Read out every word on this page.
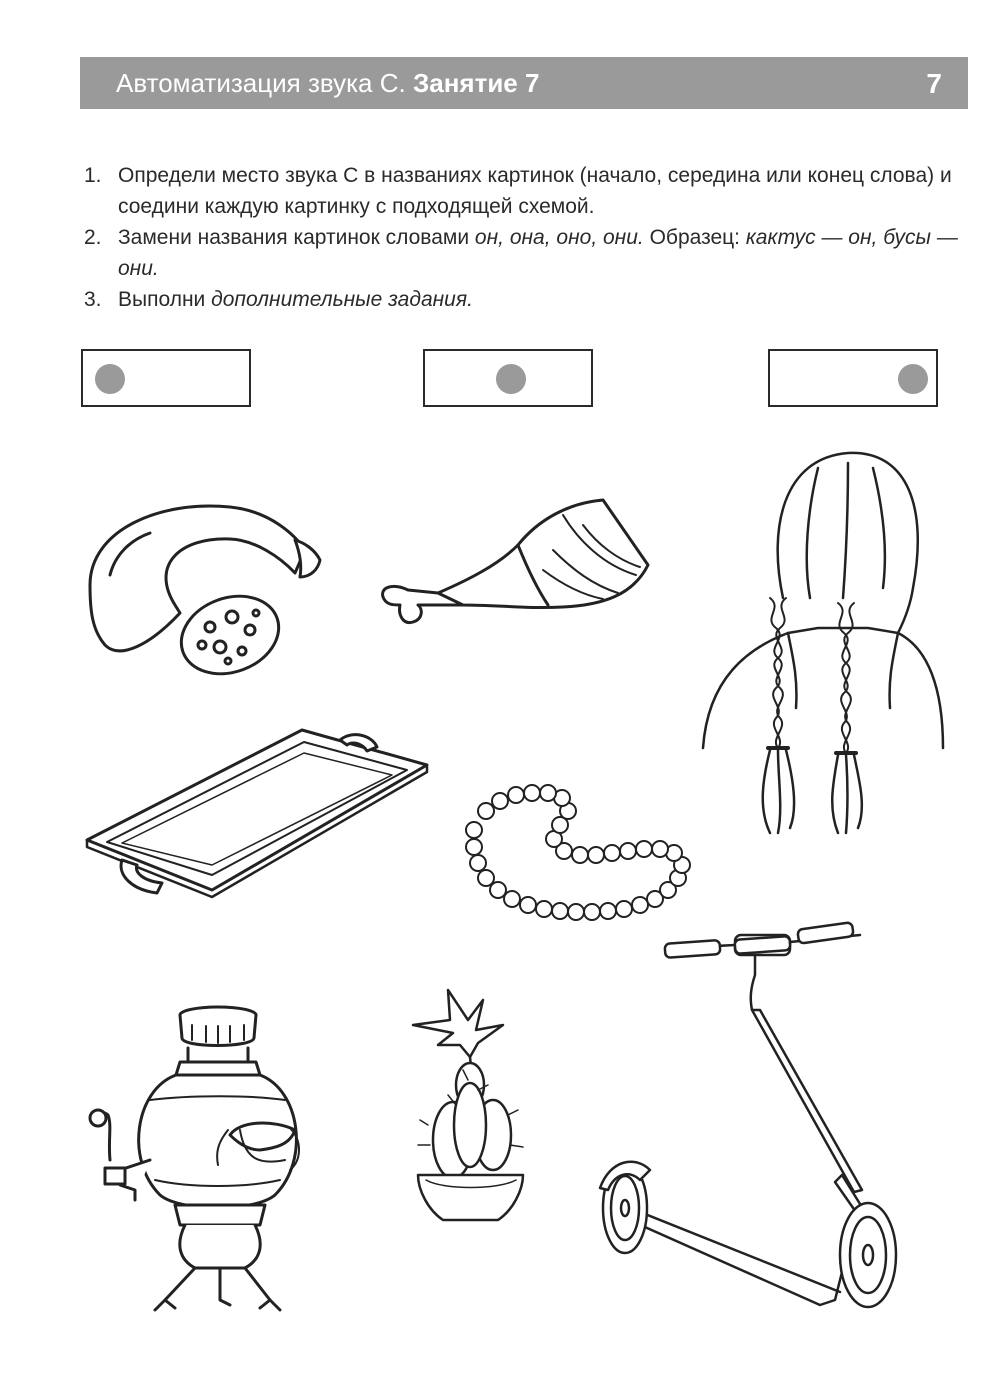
Автоматизация звука С. Занятие 7	7
1. Определи место звука С в названиях картинок (начало, середина или конец слова) и соедини каждую картинку с подходящей схемой.
2. Замени названия картинок словами он, она, оно, они. Образец: кактус — он, бусы — они.
3. Выполни дополнительные задания.
